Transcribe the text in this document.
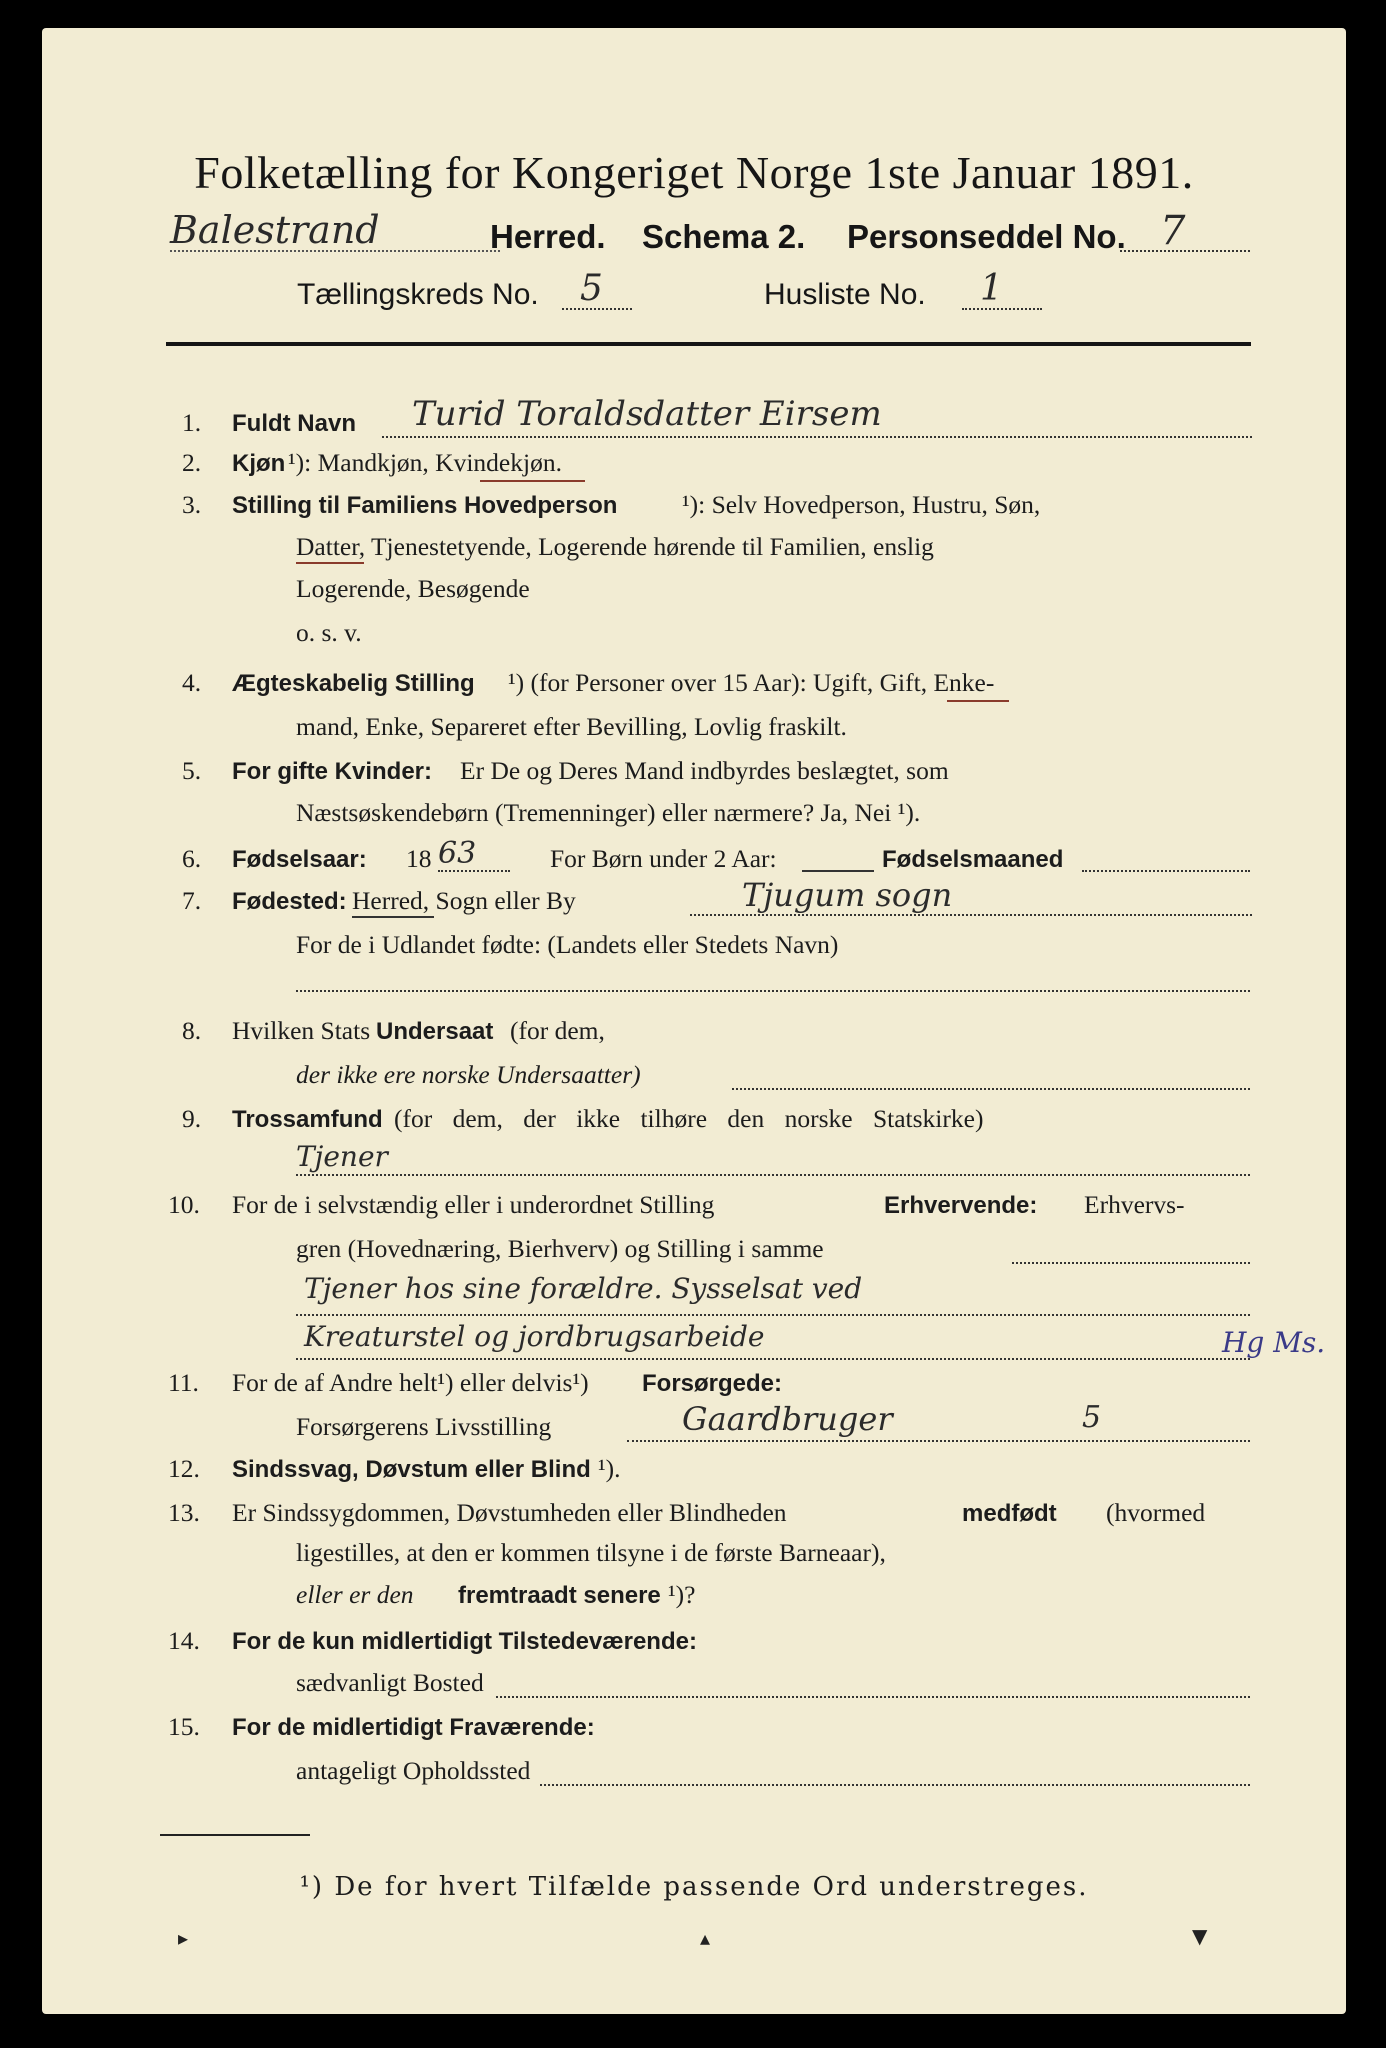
Folketælling for Kongeriget Norge 1ste Januar 1891.
Balestrand	Herred. Schema 2. Personseddel No. 7
Tællingskreds No. 5	Husliste No. 1
1. Fuldt Navn Turid Toraldsdatter Eirsem
2. Kjøn ¹): Mandkjøn, Kvindekjøn.
3. Stilling til Familiens Hovedperson	¹): Selv Hovedperson, Hustru, Søn,
Datter, Tjenestetyende, Logerende hørende til Familien, enslig
Logerende, Besøgende
o. s. v.
4. Ægteskabelig Stilling ¹) (for Personer over 15 Aar): Ugift, Gift, Enke-
mand, Enke, Separeret efter Bevilling, Lovlig fraskilt.
5. For gifte Kvinder: Er De og Deres Mand indbyrdes beslægtet, som
Næstsøskendebørn (Tremenninger) eller nærmere? Ja, Nei ¹).
6. Fødselsaar: 18 63	For Børn under 2 Aar:	Fødselsmaaned
7. Fødested: Herred, Sogn eller By	Tjugum sogn
For de i Udlandet fødte: (Landets eller Stedets Navn)
8. Hvilken Stats Undersaat (for dem,
der ikke ere norske Undersaatter)
9. Trossamfund (for dem, der ikke tilhøre den norske Statskirke)
Tjener
10. For de i selvstændig eller i underordnet Stilling	Erhvervende: Erhvervs-
gren (Hovednæring, Bierhverv) og Stilling i samme
Tjener hos sine forældre. Sysselsat ved
Kreaturstel og jordbrugsarbeide	Hg Ms.
11. For de af Andre helt¹) eller delvis¹) Forsørgede:
Forsørgerens Livsstilling	Gaardbruger	5
12. Sindssvag, Døvstum eller Blind ¹).
13. Er Sindssygdommen, Døvstumheden eller Blindheden	medfødt (hvormed
ligestilles, at den er kommen tilsyne i de første Barneaar),
eller er den fremtraadt senere ¹)?
14. For de kun midlertidigt Tilstedeværende:
sædvanligt Bosted
15. For de midlertidigt Fraværende:
antageligt Opholdssted
¹) De for hvert Tilfælde passende Ord understreges.
▸	▴	▼
